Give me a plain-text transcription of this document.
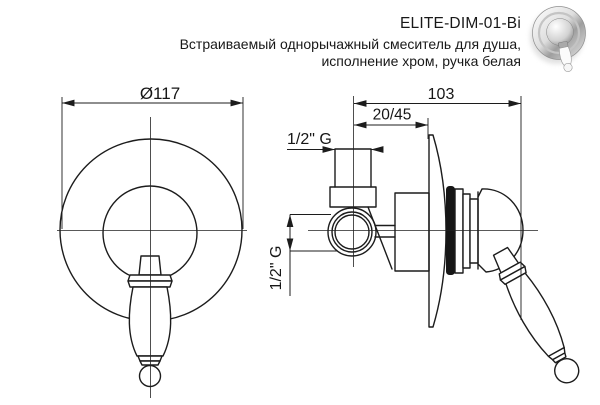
ELITE-DIM-01-Bi
Встраиваемый однорычажный смеситель для душа,
исполнение хром, ручка белая
Ø117	103
20/45
1/2" G
1/2" G
